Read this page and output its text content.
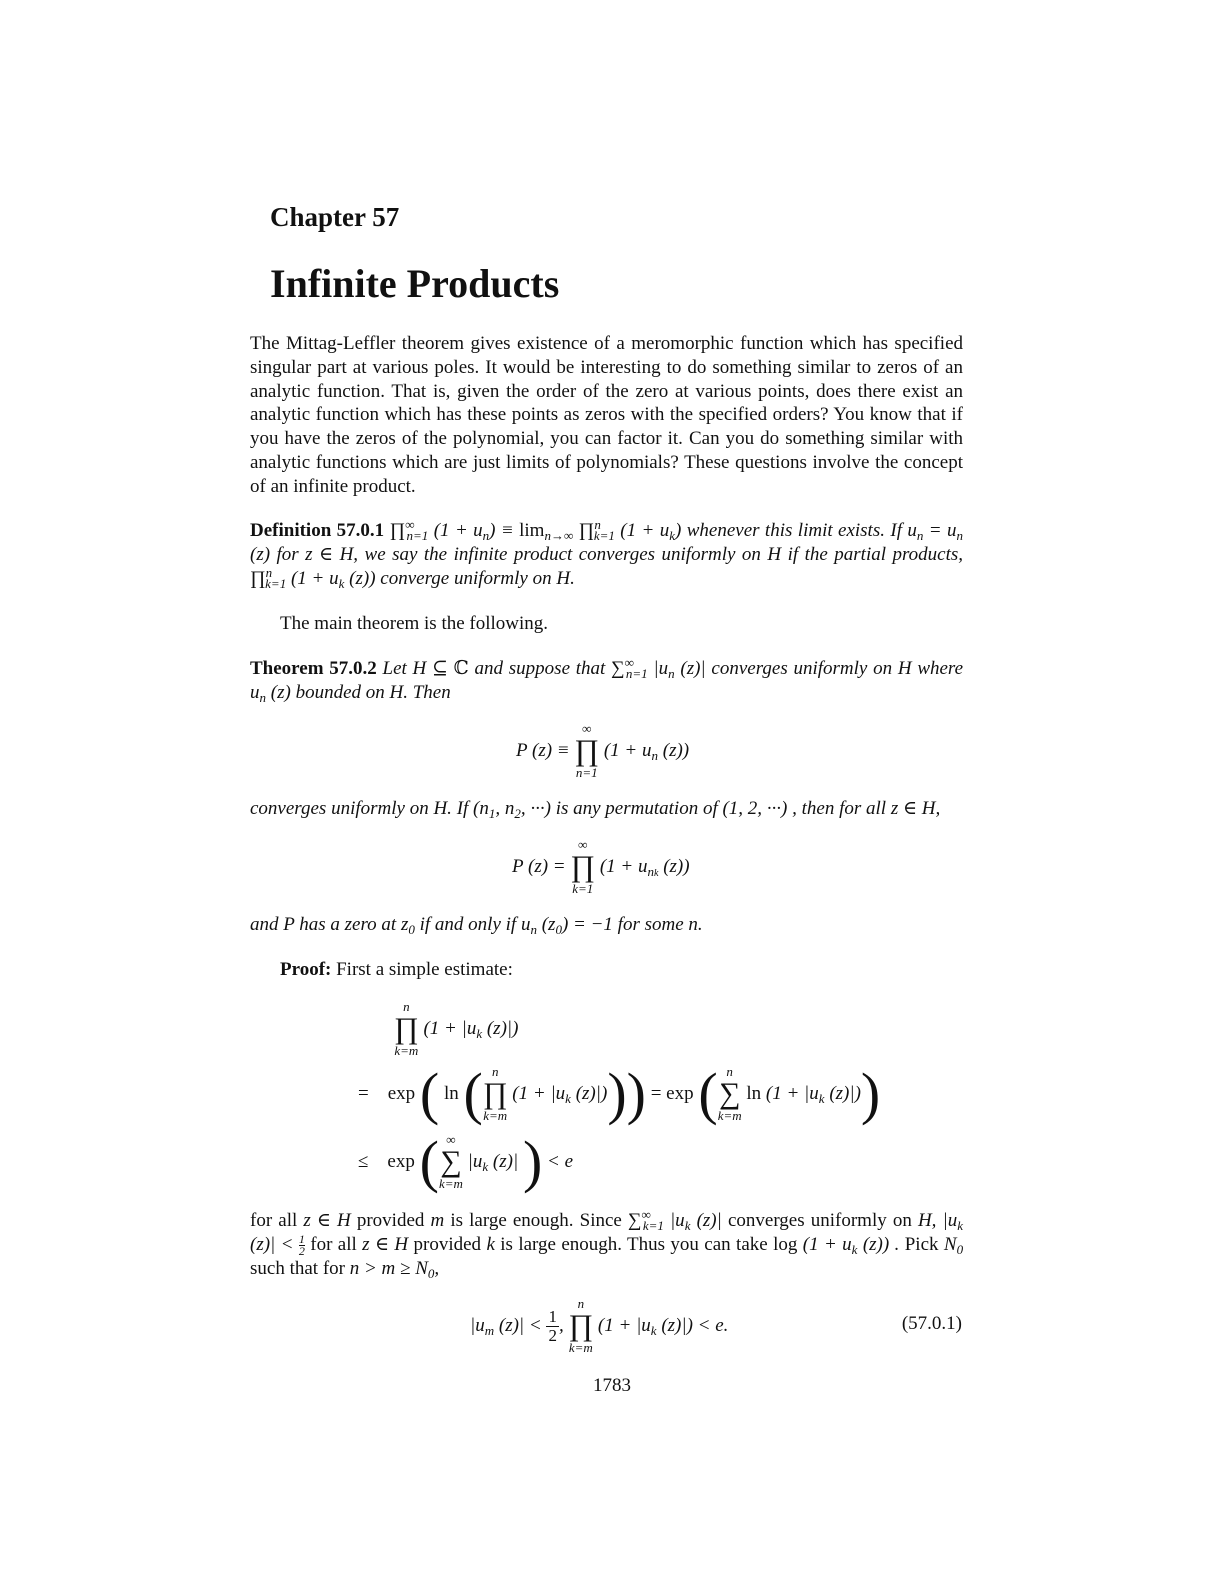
Chapter 57
Infinite Products

The Mittag-Leffler theorem gives existence of a meromorphic function which has specified singular part at various poles. It would be interesting to do something similar to zeros of an analytic function. That is, given the order of the zero at various points, does there exist an analytic function which has these points as zeros with the specified orders? You know that if you have the zeros of the polynomial, you can factor it. Can you do something similar with analytic functions which are just limits of polynomials? These questions involve the concept of an infinite product.

Definition 57.0.1 $\prod^\infty_{n=1}$ $(1 + u_n) \equiv \lim_{n\to\infty}$ ∏$^n_{k=1}$ $(1 + u_k)$ whenever this limit exists. If $u_n = u_n$ (z) for z ∈ H, we say the infinite product converges uniformly on H if the partial products, ∏$^n_{k=1}$ ($1 + u_k$ (z)) converge uniformly on H.

The main theorem is the following.

Theorem 57.0.2 Let H ⊆ ℂ and suppose that $\sum^\infty_{n=1}$ $|u_n$ (z)| converges uniformly on H where $u_n$ (z) bounded on H. Then

P (z) ≡
∞
∏
n=1
($1 + u_n$ (z))

converges uniformly on H. If ($n_1$, $n_2$, ···) is any permutation of (1, 2, ···) , then for all z ∈ H,

P (z) =
∞
∏
k=1
($1 + u_{nk}$ (z))

and P has a zero at $z_0$ if and only if $u_n$ $(z_0) = -1$ for some n.

Proof: First a simple estimate:

n
∏
k=m
($1 + |u_k$ (z)|)
=    exp ( ln ( n
∏
k=m
($1 + |u_k$ (z)|) )) = exp ( n
∑
k=m
$\ln (1 + |u_k$ (z)|) )
≤    exp ( ∞
∑
k=m
$|u_k$ (z)| ) < e

for all z ∈ H provided m is large enough. Since $\sum^\infty_{k=1}$ $|u_k$ (z)| converges uniformly on H, $|u_k$ $(z)| < \frac{1}{2}$ for all z ∈ H provided k is large enough. Thus you can take $\log (1 + u_k$ (z)) . Pick $N_0$ such that for $n > m \ge N_0$,

$|u_m$ $(z)| < \frac{1}{2}$ ,
n
∏
k=m
($1 + |u_k$ (z)|) < e.	(57.0.1)
1783
